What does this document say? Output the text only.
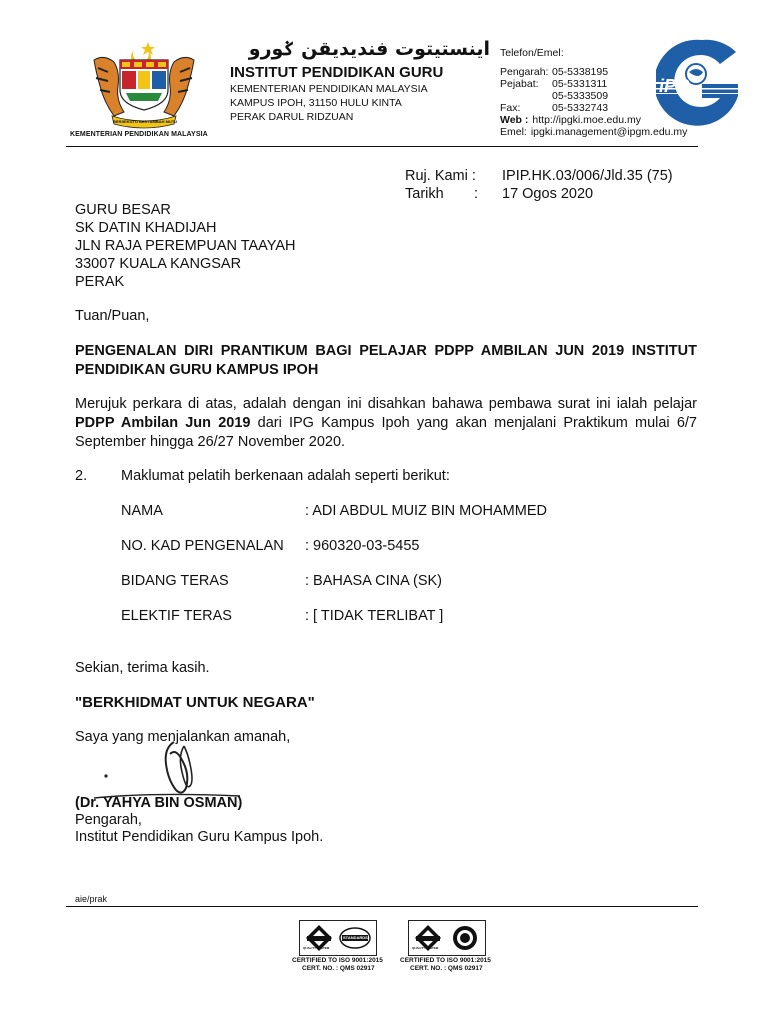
BERSEKUTU BERTAMBAH MUTU
KEMENTERIAN PENDIDIKAN MALAYSIA
اينستيتوت فنديديقن ݢورو
INSTITUT PENDIDIKAN GURU
KEMENTERIAN PENDIDIKAN MALAYSIA
KAMPUS IPOH, 31150 HULU KINTA
PERAK DARUL RIDZUAN
Telefon/Emel:
Pengarah: 05-5338195
Pejabat:	05-5331311
05-5333509
Fax:	05-5332743
Web : http://ipgki.moe.edu.my
Emel: ipgki.management@ipgm.edu.my
iPG
Ruj. Kami : IPIP.HK.03/006/Jld.35 (75)
Tarikh : 17 Ogos 2020
GURU BESAR
SK DATIN KHADIJAH
JLN RAJA PEREMPUAN TAAYAH
33007 KUALA KANGSAR
PERAK
Tuan/Puan,
PENGENALAN DIRI PRANTIKUM BAGI PELAJAR PDPP AMBILAN JUN 2019 INSTITUT PENDIDIKAN GURU KAMPUS IPOH
Merujuk perkara di atas, adalah dengan ini disahkan bahawa pembawa surat ini ialah pelajar PDPP Ambilan Jun 2019 dari IPG Kampus Ipoh yang akan menjalani Praktikum mulai 6/7 September hingga 26/27 November 2020.
2. Maklumat pelatih berkenaan adalah seperti berikut:
NAMA	: ADI ABDUL MUIZ BIN MOHAMMED
NO. KAD PENGENALAN : 960320-03-5455
BIDANG TERAS	: BAHASA CINA (SK)
ELEKTIF TERAS	: [ TIDAK TERLIBAT ]
Sekian, terima kasih.
"BERKHIDMAT UNTUK NEGARA"
Saya yang menjalankan amanah,
(Dr. YAHYA BIN OSMAN)
Pengarah,
Institut Pendidikan Guru Kampus Ipoh.
aie/prak
QUALITY SYSTEM
STANDARDS
CERTIFIED TO ISO 9001:2015
CERT. NO. : QMS 02917
QUALITY SYSTEM
CERTIFIED TO ISO 9001:2015
CERT. NO. : QMS 02917
